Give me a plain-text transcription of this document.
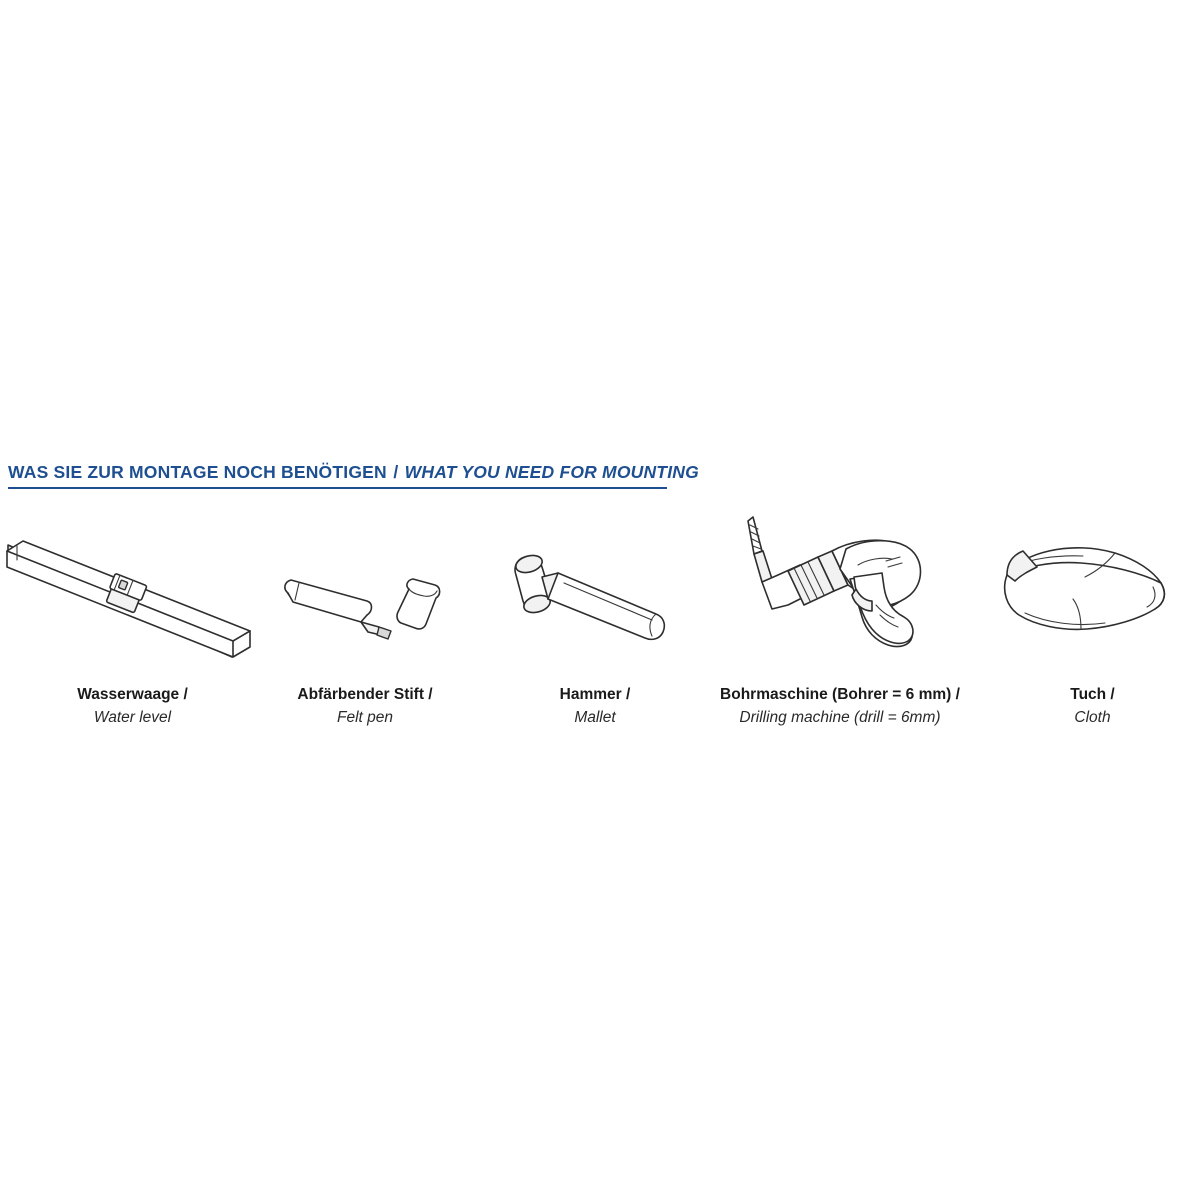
WAS SIE ZUR MONTAGE NOCH BENÖTIGEN / WHAT YOU NEED FOR MOUNTING
Wasserwaage /
Water level
Abfärbender Stift /
Felt pen
Hammer /
Mallet
Bohrmaschine (Bohrer = 6 mm) /
Drilling machine (drill = 6mm)
Tuch /
Cloth
